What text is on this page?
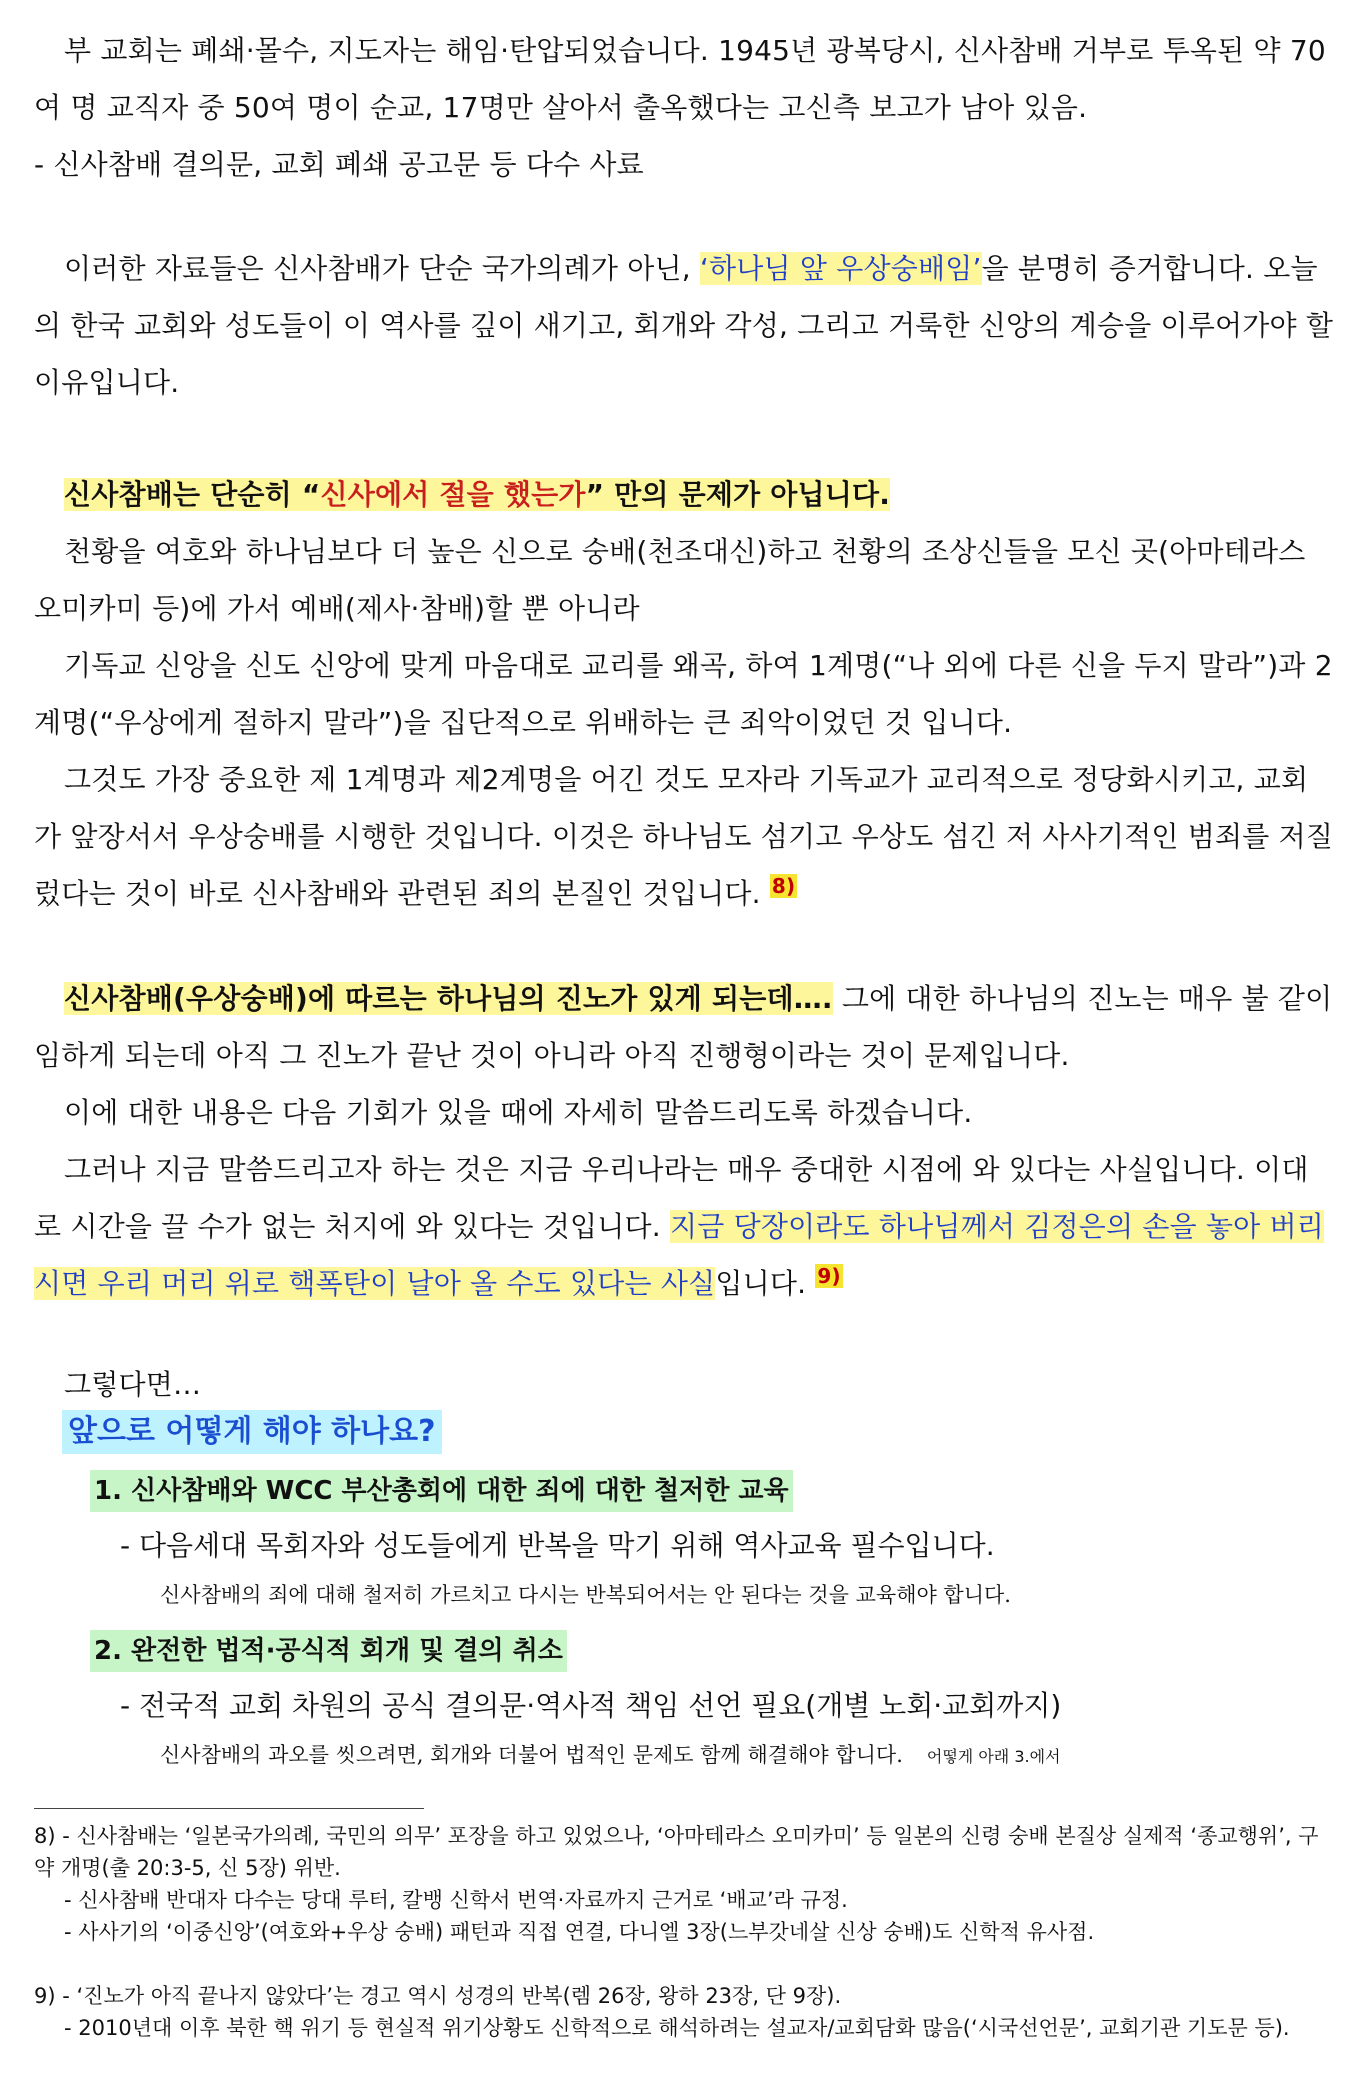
부 교회는 폐쇄·몰수, 지도자는 해임·탄압되었습니다. 1945년 광복당시, 신사참배 거부로 투옥된 약 70여 명 교직자 중 50여 명이 순교, 17명만 살아서 출옥했다는 고신측 보고가 남아 있음.
- 신사참배 결의문, 교회 폐쇄 공고문 등 다수 사료
이러한 자료들은 신사참배가 단순 국가의례가 아닌, ‘하나님 앞 우상숭배임’을 분명히 증거합니다. 오늘의 한국 교회와 성도들이 이 역사를 깊이 새기고, 회개와 각성, 그리고 거룩한 신앙의 계승을 이루어가야 할 이유입니다.
신사참배는 단순히 “신사에서 절을 했는가” 만의 문제가 아닙니다.
천황을 여호와 하나님보다 더 높은 신으로 숭배(천조대신)하고 천황의 조상신들을 모신 곳(아마테라스 오미카미 등)에 가서 예배(제사·참배)할 뿐 아니라
기독교 신앙을 신도 신앙에 맞게 마음대로 교리를 왜곡, 하여 1계명(“나 외에 다른 신을 두지 말라”)과 2계명(“우상에게 절하지 말라”)을 집단적으로 위배하는 큰 죄악이었던 것 입니다.
그것도 가장 중요한 제 1계명과 제2계명을 어긴 것도 모자라 기독교가 교리적으로 정당화시키고, 교회가 앞장서서 우상숭배를 시행한 것입니다. 이것은 하나님도 섬기고 우상도 섬긴 저 사사기적인 범죄를 저질렀다는 것이 바로 신사참배와 관련된 죄의 본질인 것입니다. $^{8)}$
신사참배(우상숭배)에 따르는 하나님의 진노가 있게 되는데…. 그에 대한 하나님의 진노는 매우 불 같이 임하게 되는데 아직 그 진노가 끝난 것이 아니라 아직 진행형이라는 것이 문제입니다.
이에 대한 내용은 다음 기회가 있을 때에 자세히 말씀드리도록 하겠습니다.
그러나 지금 말씀드리고자 하는 것은 지금 우리나라는 매우 중대한 시점에 와 있다는 사실입니다. 이대로 시간을 끌 수가 없는 처지에 와 있다는 것입니다. 지금 당장이라도 하나님께서 김정은의 손을 놓아 버리시면 우리 머리 위로 핵폭탄이 날아 올 수도 있다는 사실입니다. $^{9)}$
그렇다면…
앞으로 어떻게 해야 하나요?
1. 신사참배와 WCC 부산총회에 대한 죄에 대한 철저한 교육
- 다음세대 목회자와 성도들에게 반복을 막기 위해 역사교육 필수입니다.
신사참배의 죄에 대해 철저히 가르치고 다시는 반복되어서는 안 된다는 것을 교육해야 합니다.
2. 완전한 법적·공식적 회개 및 결의 취소
- 전국적 교회 차원의 공식 결의문·역사적 책임 선언 필요(개별 노회·교회까지)
신사참배의 과오를 씻으려면, 회개와 더불어 법적인 문제도 함께 해결해야 합니다. 어떻게 아래 3.에서
8) - 신사참배는 ‘일본국가의례, 국민의 의무’ 포장을 하고 있었으나, ‘아마테라스 오미카미’ 등 일본의 신령 숭배 본질상 실제적 ‘종교행위’, 구약 개명(출 20:3-5, 신 5장) 위반.
- 신사참배 반대자 다수는 당대 루터, 칼뱅 신학서 번역·자료까지 근거로 ‘배교’라 규정.
- 사사기의 ‘이중신앙’(여호와+우상 숭배) 패턴과 직접 연결, 다니엘 3장(느부갓네살 신상 숭배)도 신학적 유사점.
9) - ‘진노가 아직 끝나지 않았다’는 경고 역시 성경의 반복(렘 26장, 왕하 23장, 단 9장).
- 2010년대 이후 북한 핵 위기 등 현실적 위기상황도 신학적으로 해석하려는 설교자/교회담화 많음(‘시국선언문’, 교회기관 기도문 등).
